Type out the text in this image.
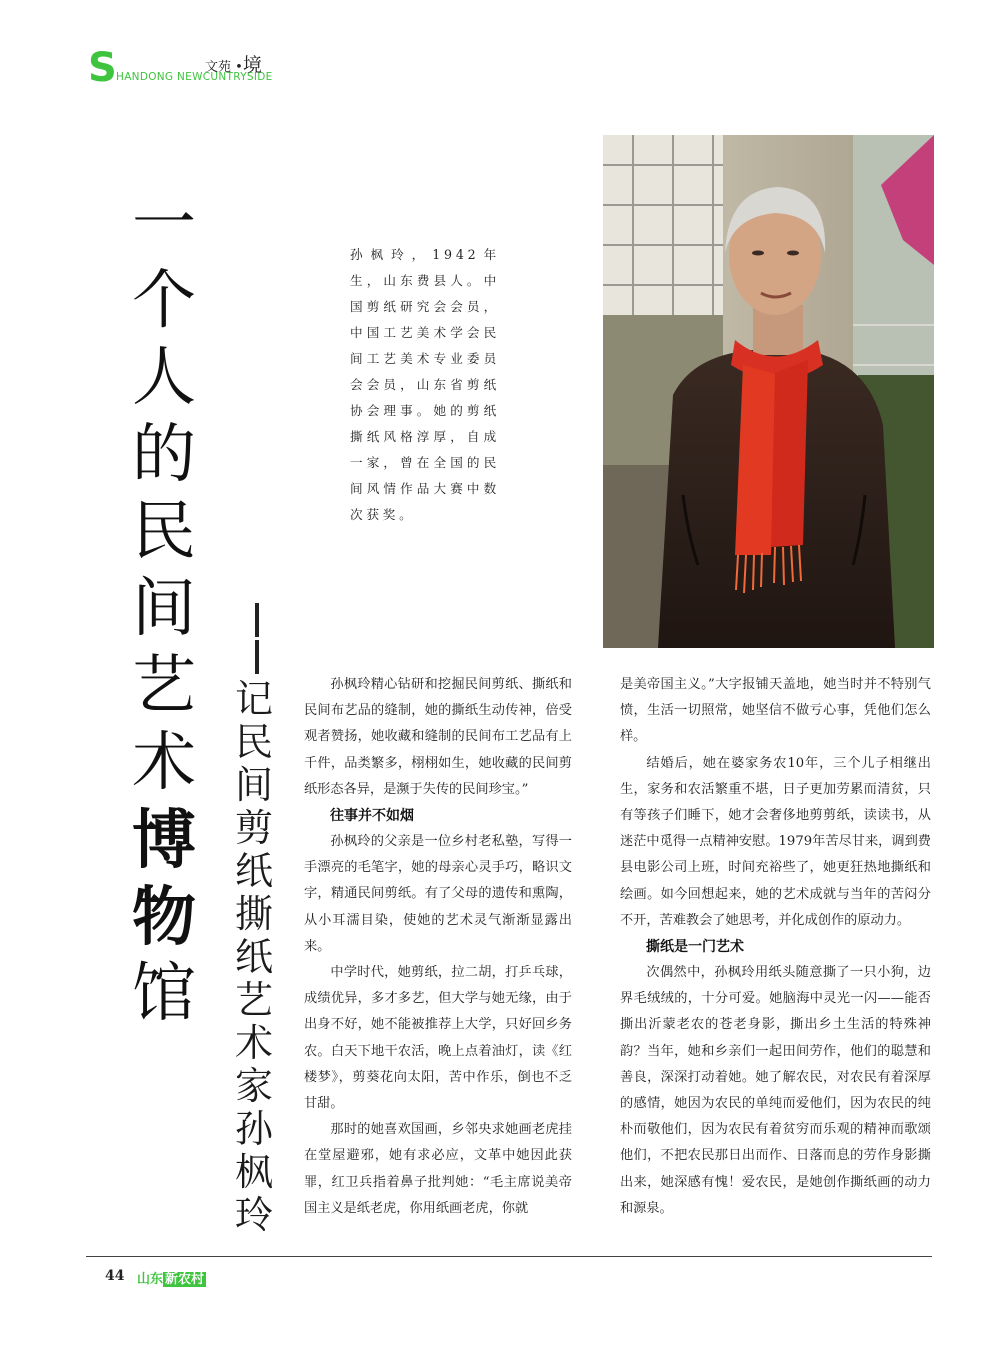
S HANDONG NEWCUNTRYSIDE
文苑 •境
一
个
人
的
民
间
艺
术
博
物
馆
记
民
间
剪
纸
撕
纸
艺
术
家
孙
枫
玲
孙枫玲，1942年生，山东费县人。中国剪纸研究会会员，中国工艺美术学会民间工艺美术专业委员会会员，山东省剪纸协会理事。她的剪纸撕纸风格淳厚，自成一家，曾在全国的民间风情作品大赛中数次获奖。

孙枫玲精心钻研和挖掘民间剪纸、撕纸和民间布艺品的缝制，她的撕纸生动传神，倍受观者赞扬，她收藏和缝制的民间布工艺品有上千件，品类繁多，栩栩如生，她收藏的民间剪纸形态各异，是濒于失传的民间珍宝。”

往事并不如烟

孙枫玲的父亲是一位乡村老私塾，写得一手漂亮的毛笔字，她的母亲心灵手巧，略识文字，精通民间剪纸。有了父母的遗传和熏陶，从小耳濡目染，使她的艺术灵气渐渐显露出来。

中学时代，她剪纸，拉二胡，打乒乓球，成绩优异，多才多艺，但大学与她无缘，由于出身不好，她不能被推荐上大学，只好回乡务农。白天下地干农活，晚上点着油灯，读《红楼梦》，剪葵花向太阳，苦中作乐，倒也不乏甘甜。

那时的她喜欢国画，乡邻央求她画老虎挂在堂屋避邪，她有求必应，文革中她因此获罪，红卫兵指着鼻子批判她：“毛主席说美帝国主义是纸老虎，你用纸画老虎，你就

是美帝国主义。”大字报铺天盖地，她当时并不特别气愤，生活一切照常，她坚信不做亏心事，凭他们怎么样。

结婚后，她在婆家务农10年，三个儿子相继出生，家务和农活繁重不堪，日子更加劳累而清贫，只有等孩子们睡下，她才会奢侈地剪剪纸，读读书，从迷茫中觅得一点精神安慰。1979年苦尽甘来，调到费县电影公司上班，时间充裕些了，她更狂热地撕纸和绘画。如今回想起来，她的艺术成就与当年的苦闷分不开，苦难教会了她思考，并化成创作的原动力。

撕纸是一门艺术

次偶然中，孙枫玲用纸头随意撕了一只小狗，边界毛绒绒的，十分可爱。她脑海中灵光一闪——能否撕出沂蒙老农的苍老身影，撕出乡土生活的特殊神韵？当年，她和乡亲们一起田间劳作，他们的聪慧和善良，深深打动着她。她了解农民，对农民有着深厚的感情，她因为农民的单纯而爱他们，因为农民的纯朴而敬他们，因为农民有着贫穷而乐观的精神而歌颂他们，不把农民那日出而作、日落而息的劳作身影撕出来，她深感有愧！爱农民，是她创作撕纸画的动力和源泉。

44 山东 新农村
